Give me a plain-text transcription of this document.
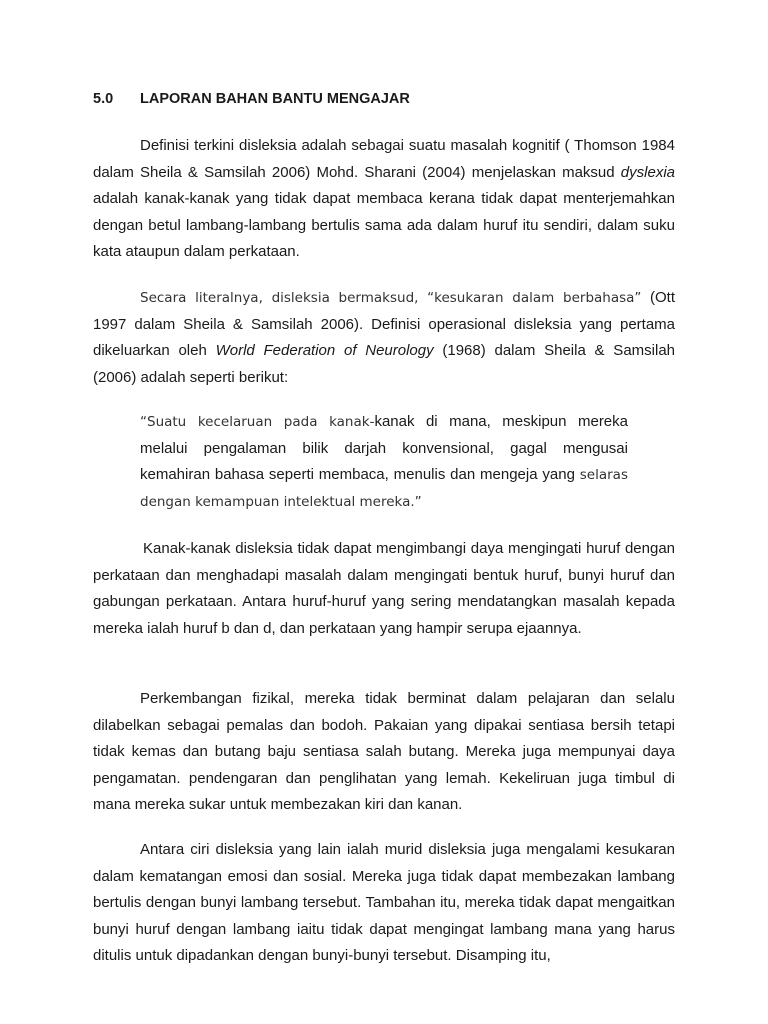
5.0 LAPORAN BAHAN BANTU MENGAJAR

Definisi terkini disleksia adalah sebagai suatu masalah kognitif ( Thomson 1984 dalam Sheila & Samsilah 2006) Mohd. Sharani (2004) menjelaskan maksud dyslexia adalah kanak-kanak yang tidak dapat membaca kerana tidak dapat menterjemahkan dengan betul lambang-lambang bertulis sama ada dalam huruf itu sendiri, dalam suku kata ataupun dalam perkataan.

Secara literalnya, disleksia bermaksud, “kesukaran dalam berbahasa” (Ott 1997 dalam Sheila & Samsilah 2006). Definisi operasional disleksia yang pertama dikeluarkan oleh World Federation of Neurology (1968) dalam Sheila & Samsilah (2006) adalah seperti berikut:

“Suatu kecelaruan pada kanak-kanak di mana, meskipun mereka melalui pengalaman bilik darjah konvensional, gagal mengusai kemahiran bahasa seperti membaca, menulis dan mengeja yang selaras dengan kemampuan intelektual mereka.”

Kanak-kanak disleksia tidak dapat mengimbangi daya mengingati huruf dengan perkataan dan menghadapi masalah dalam mengingati bentuk huruf, bunyi huruf dan gabungan perkataan. Antara huruf-huruf yang sering mendatangkan masalah kepada mereka ialah huruf b dan d, dan perkataan yang hampir serupa ejaannya.

Perkembangan fizikal, mereka tidak berminat dalam pelajaran dan selalu dilabelkan sebagai pemalas dan bodoh. Pakaian yang dipakai sentiasa bersih tetapi tidak kemas dan butang baju sentiasa salah butang. Mereka juga mempunyai daya pengamatan. pendengaran dan penglihatan yang lemah. Kekeliruan juga timbul di mana mereka sukar untuk membezakan kiri dan kanan.

Antara ciri disleksia yang lain ialah murid disleksia juga mengalami kesukaran dalam kematangan emosi dan sosial. Mereka juga tidak dapat membezakan lambang bertulis dengan bunyi lambang tersebut. Tambahan itu, mereka tidak dapat mengaitkan bunyi huruf dengan lambang iaitu tidak dapat mengingat lambang mana yang harus ditulis untuk dipadankan dengan bunyi-bunyi tersebut. Disamping itu,
